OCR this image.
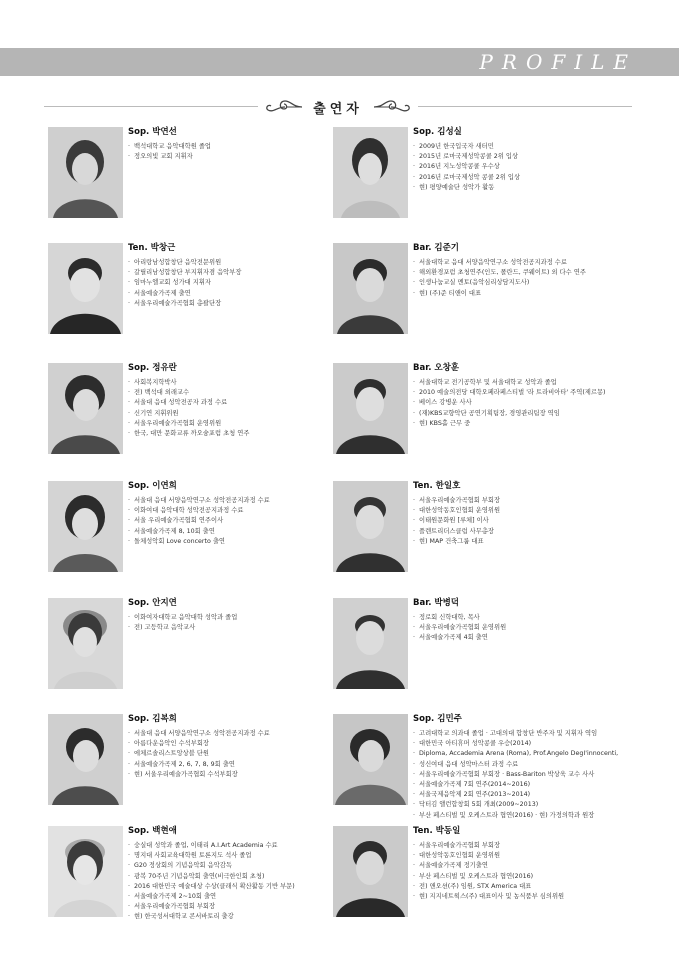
PROFILE
출연자
Sop. 박연선
· 백석대학교 음악대학원 졸업
· 정오의빛 교회 지휘자
Sop. 김성실
· 2009년 한국입국자 새터민
· 2015년 로마국제성악콩쿨 2위 입상
· 2016년 지노성악콩쿨 우수상
· 2016년 로마국제성악 콩쿨 2위 입상
· 현) 평양예술단 성악가 활동
Ten. 박창근
· 아리랑남성합창단 음악전문위원
· 갈릴리남성합창단 부지휘자겸 음악부장
· 임마누엘교회 성가대 지휘자
· 서울예술가곡제 출연
· 서울우리예술가곡협회 총괄단장
Bar. 김준기
· 서울대학교 음대 서양음악연구소 성악전공지과정 수료
· 해외환경포럼 초청연주(인도, 폴란드, 쿠웨이트) 외 다수 연주
· 인생나눔교실 멘토(음악심리상담지도사)
· 현) (주)준 티앤이 대표
Sop. 정유란
· 사회복지학박사
· 전) 백석대 외래교수
· 서울대 음대 성악전공자 과정 수료
· 신기연 지휘위원
· 서울우리예술가곡협회 운영위원
· 한국, 대만 문화교류 까오슝포럼 초청 연주
Bar. 오창훈
· 서울대학교 전기공학부 및 서울대학교 성악과 졸업
· 2010 예술의전당 대학오페라페스티벌 '라 트라비아타' 주역(제르몽)
· 베이스 강병운 사사
· (재)KBS교향악단 공연기획팀장, 경영관리팀장 역임
· 현) KBS홀 근무 중
Sop. 이연희
· 서울대 음대 서양음악연구소 성악전공지과정 수료
· 이화여대 음악대학 성악전공지과정 수료
· 서울 우리예술가곡협회 연주이사
· 서울예술가곡제 8, 10회 출연
· 돌체성악회 Love concerto 출연
Ten. 한일호
· 서울우리예술가곡협회 부회장
· 대한성악동호인협회 운영위원
· 이태원문화원 [루체] 이사
· 플렌트리더스클럽 사무총장
· 현) MAP 건축그룹 대표
Sop. 안지연
· 이화여자대학교 음악대학 성악과 졸업
· 전) 고등학교 음악교사
Bar. 박병덕
· 정로회 신학대학, 목사
· 서울우리예술가곡협회 운영위원
· 서울예술가곡제 4회 출연
Sop. 김복희
· 서울대 음대 서양음악연구소 성악전공지과정 수료
· 아름다운음악인 수석부회장
· 에체르솔리스트앙상블 단원
· 서울예술가곡제 2, 6, 7, 8, 9회 출연
· 현) 서울우리예술가곡협회 수석부회장
Sop. 김민주
· 고려대학교 의과대 졸업 · 고대의대 합창단 반주자 및 지휘자 역임
· 대한민국 아티휴머 성악콩쿨 우승(2014)
· Diploma, Accademia Arena (Roma), Prof.Angelo DegI'innocenti,
· 성신여대 음대 성악마스터 과정 수료
· 서울우리예술가곡협회 부회장 · Bass-Bariton 박상욱 교수 사사
· 서울예술가곡제 7회 연주(2014~2016)
· 서울국제음악제 2회 연주(2013~2014)
· 닥터김 앨런합창회 5회 개최(2009~2013)
· 부산 페스티벌 및 오케스트라 협연(2016) · 현) 가정의학과 원장
Sop. 백현애
· 숭실대 성악과 졸업, 이태리 A.I.Art Academia 수료
· 명지대 사회교육대학원 토론지도 석사 졸업
· G20 정상회의 기념음악회 음악감독
· 광복 70주년 기념음악회 출연(비극한인회 초청)
· 2016 대한민국 예술대상 수상(클래식 확산활동 기반 부문)
· 서울예술가곡제 2~10회 출연
· 서울우리예술가곡협회 부회장
· 현) 한국성서대학교 콘서바토리 출강
Ten. 박동일
· 서울우리예술가곡협회 부회장
· 대한성악동호인협회 운영위원
· 서울예술가곡제 정기출연
· 부산 페스티벌 및 오케스트라 협연(2016)
· 전) 앤오션(주) 임원, STX America 대표
· 현) 지지네트웍스(주) 대표이사 및 농식품부 심의위원
